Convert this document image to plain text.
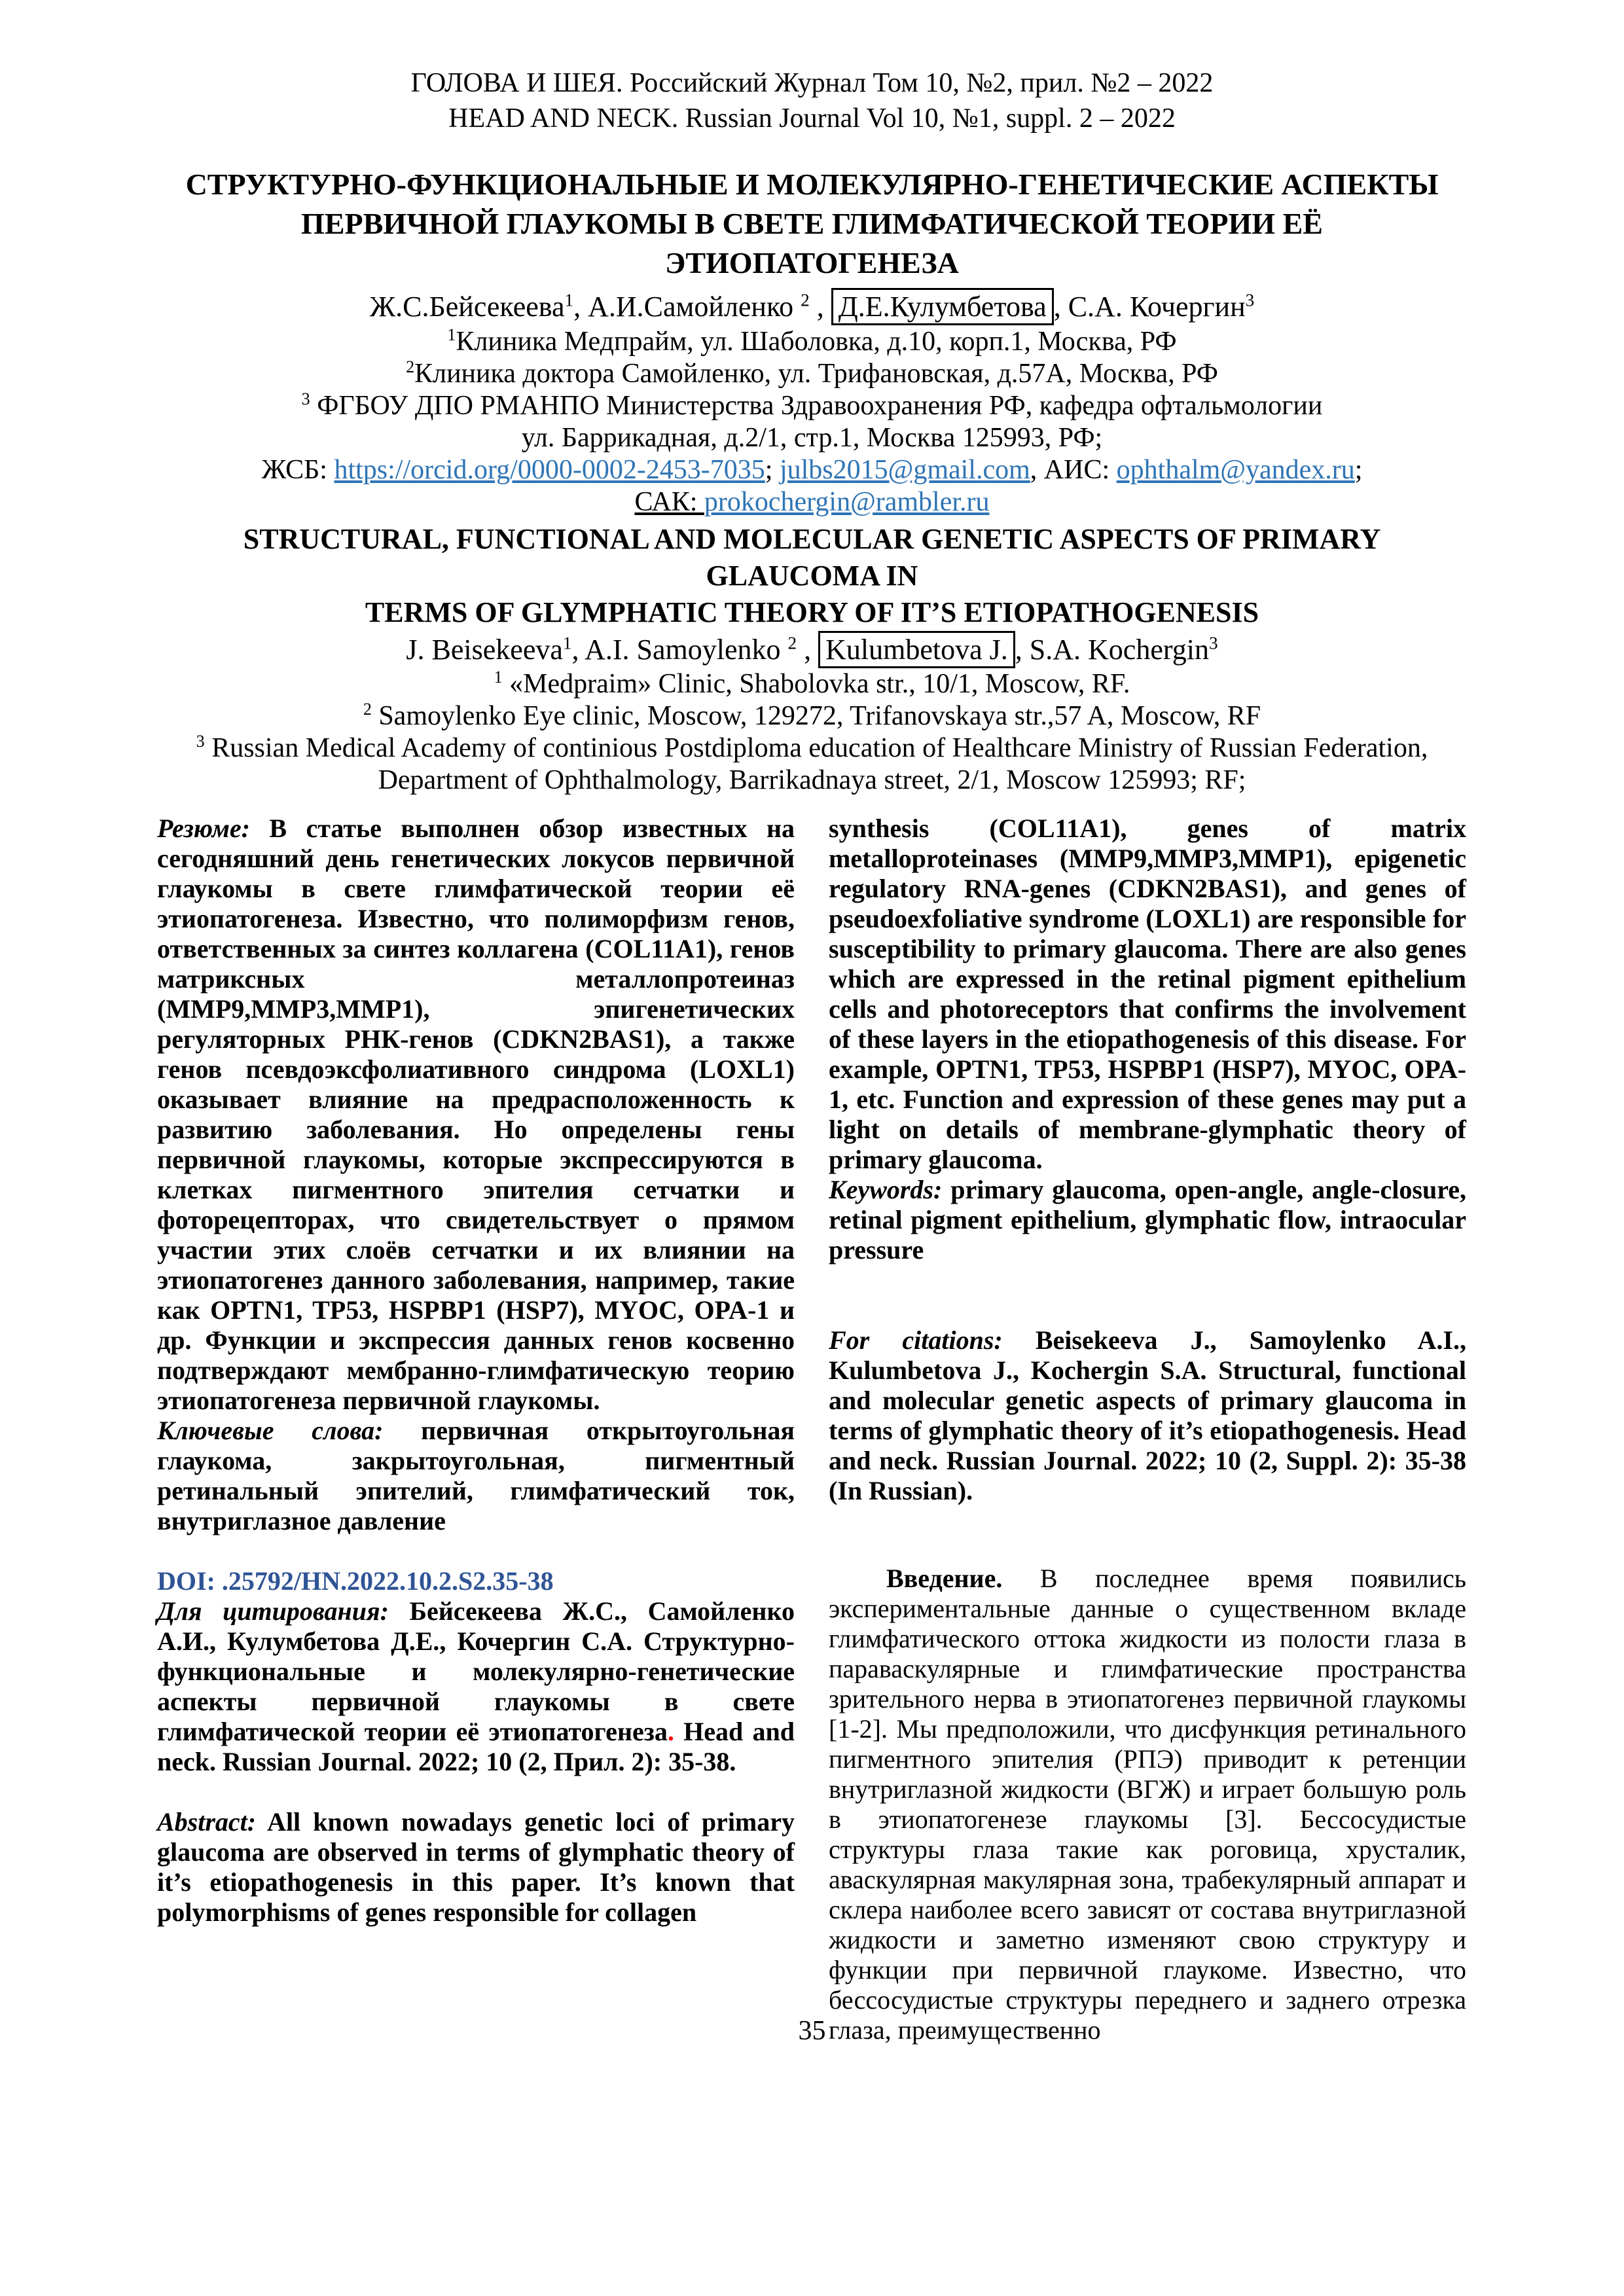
ГОЛОВА И ШЕЯ. Российский Журнал Том 10, №2, прил. №2 – 2022
HEAD AND NECK. Russian Journal Vol 10, №1, suppl. 2 – 2022
СТРУКТУРНО-ФУНКЦИОНАЛЬНЫЕ И МОЛЕКУЛЯРНО-ГЕНЕТИЧЕСКИЕ АСПЕКТЫ
ПЕРВИЧНОЙ ГЛАУКОМЫ В СВЕТЕ ГЛИМФАТИЧЕСКОЙ ТЕОРИИ ЕЁ ЭТИОПАТОГЕНЕЗА
Ж.С.Бейсекеева$^1$, А.И.Самойленко $^2$ , Д.Е.Кулумбетова , С.А. Кочергин$^3$
$^1$Клиника Медпрайм, ул. Шаболовка, д.10, корп.1, Москва, РФ
$^2$Клиника доктора Самойленко, ул. Трифановская, д.57А, Москва, РФ
$^3$ ФГБОУ ДПО РМАНПО Министерства Здравоохранения РФ, кафедра офтальмологии
ул. Баррикадная, д.2/1, стр.1, Москва 125993, РФ;
ЖСБ: https://orcid.org/0000-0002-2453-7035; julbs2015@gmail.com, АИС: ophthalm@yandex.ru;
САК: prokochergin@rambler.ru
STRUCTURAL, FUNCTIONAL AND MOLECULAR GENETIC ASPECTS OF PRIMARY GLAUCOMA IN
TERMS OF GLYMPHATIC THEORY OF IT’S ETIOPATHOGENESIS
J. Beisekeeva$^1$, A.I. Samoylenko $^2$ , Kulumbetova J. , S.A. Kochergin$^3$
$^1$ «Medpraim» Clinic, Shabolovka str., 10/1, Moscow, RF.
$^2$ Samoylenko Eye clinic, Moscow, 129272, Trifanovskaya str.,57 A, Moscow, RF
$^3$ Russian Medical Academy of continious Postdiploma education of Healthcare Ministry of Russian Federation,
Department of Ophthalmology, Barrikadnaya street, 2/1, Moscow 125993; RF;

Резюме: В статье выполнен обзор известных на сегодняшний день генетических локусов первичной глаукомы в свете глимфатической теории её этиопатогенеза. Известно, что полиморфизм генов, ответственных за синтез коллагена (COL11A1), генов матриксных металлопротеиназ (MMP9,MMP3,MMP1), эпигенетических регуляторных РНК-генов (CDKN2BAS1), а также генов псевдоэксфолиативного синдрома (LOXL1) оказывает влияние на предрасположенность к развитию заболевания. Но определены гены первичной глаукомы, которые экспрессируются в клетках пигментного эпителия сетчатки и фоторецепторах, что свидетельствует о прямом участии этих слоёв сетчатки и их влиянии на этиопатогенез данного заболевания, например, такие как OPTN1, TP53, HSPBP1 (HSP7), MYOC, OPA-1 и др. Функции и экспрессия данных генов косвенно подтверждают мембранно-глимфатическую теорию этиопатогенеза первичной глаукомы.

Ключевые слова: первичная открытоугольная глаукома, закрытоугольная, пигментный ретинальный эпителий, глимфатический ток, внутриглазное давление

DOI: .25792/HN.2022.10.2.S2.35-38

Для цитирования: Бейсекеева Ж.С., Самойленко А.И., Кулумбетова Д.Е., Кочергин С.А. Структурно-функциональные и молекулярно-генетические аспекты первичной глаукомы в свете глимфатической теории её этиопатогенеза. Head and neck. Russian Journal. 2022; 10 (2, Прил. 2): 35-38.

Abstract: All known nowadays genetic loci of primary glaucoma are observed in terms of glymphatic theory of it’s etiopathogenesis in this paper. It’s known that polymorphisms of genes responsible for collagen

synthesis (COL11A1), genes of matrix metalloproteinases (MMP9,MMP3,MMP1), epigenetic regulatory RNA-genes (CDKN2BAS1), and genes of pseudoexfoliative syndrome (LOXL1) are responsible for susceptibility to primary glaucoma. There are also genes which are expressed in the retinal pigment epithelium cells and photoreceptors that confirms the involvement of these layers in the etiopathogenesis of this disease. For example, OPTN1, TP53, HSPBP1 (HSP7), MYOC, OPA-1, etc. Function and expression of these genes may put a light on details of membrane-glymphatic theory of primary glaucoma.

Keywords: primary glaucoma, open-angle, angle-closure, retinal pigment epithelium, glymphatic flow, intraocular pressure

For citations: Beisekeeva J., Samoylenko A.I., Kulumbetova J., Kochergin S.A. Structural, functional and molecular genetic aspects of primary glaucoma in terms of glymphatic theory of it’s etiopathogenesis. Head and neck. Russian Journal. 2022; 10 (2, Suppl. 2): 35-38 (In Russian).

Введение. В последнее время появились экспериментальные данные о существенном вкладе глимфатического оттока жидкости из полости глаза в параваскулярные и глимфатические пространства зрительного нерва в этиопатогенез первичной глаукомы [1-2]. Мы предположили, что дисфункция ретинального пигментного эпителия (РПЭ) приводит к ретенции внутриглазной жидкости (ВГЖ) и играет большую роль в этиопатогенезе глаукомы [3]. Бессосудистые структуры глаза такие как роговица, хрусталик, аваскулярная макулярная зона, трабекулярный аппарат и склера наиболее всего зависят от состава внутриглазной жидкости и заметно изменяют свою структуру и функции при первичной глаукоме. Известно, что бессосудистые структуры переднего и заднего отрезка глаза, преимущественно

35
